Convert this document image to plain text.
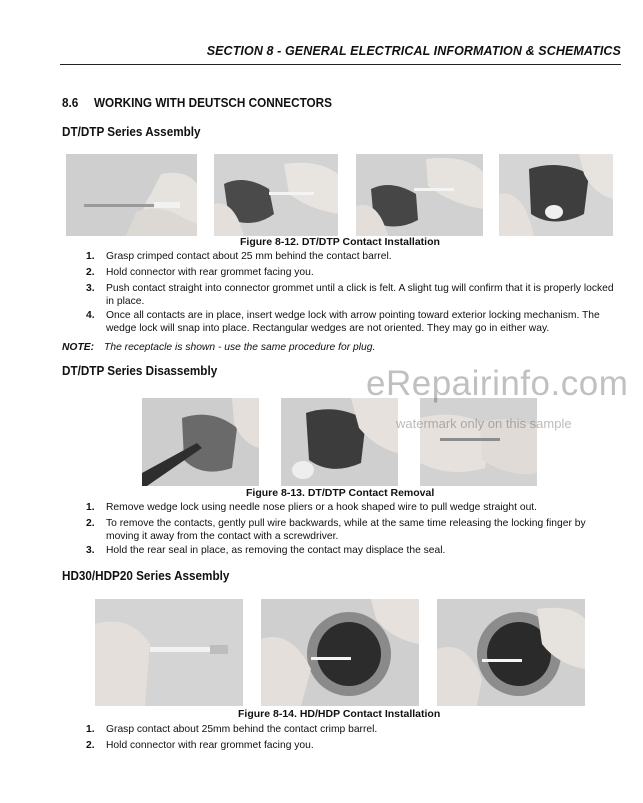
SECTION 8 - GENERAL ELECTRICAL INFORMATION & SCHEMATICS
8.6 WORKING WITH DEUTSCH CONNECTORS
DT/DTP Series Assembly
Figure 8-12. DT/DTP Contact Installation
1. Grasp crimped contact about 25 mm behind the contact barrel.
2. Hold connector with rear grommet facing you.
3. Push contact straight into connector grommet until a click is felt. A slight tug will confirm that it is properly locked in place.
4. Once all contacts are in place, insert wedge lock with arrow pointing toward exterior locking mechanism. The wedge lock will snap into place. Rectangular wedges are not oriented. They may go in either way.
NOTE: The receptacle is shown - use the same procedure for plug.
DT/DTP Series Disassembly
Figure 8-13. DT/DTP Contact Removal
1. Remove wedge lock using needle nose pliers or a hook shaped wire to pull wedge straight out.
2. To remove the contacts, gently pull wire backwards, while at the same time releasing the locking finger by moving it away from the contact with a screwdriver.
3. Hold the rear seal in place, as removing the contact may displace the seal.
HD30/HDP20 Series Assembly
Figure 8-14. HD/HDP Contact Installation
1. Grasp contact about 25mm behind the contact crimp barrel.
2. Hold connector with rear grommet facing you.
eRepairinfo.com
watermark only on this sample
